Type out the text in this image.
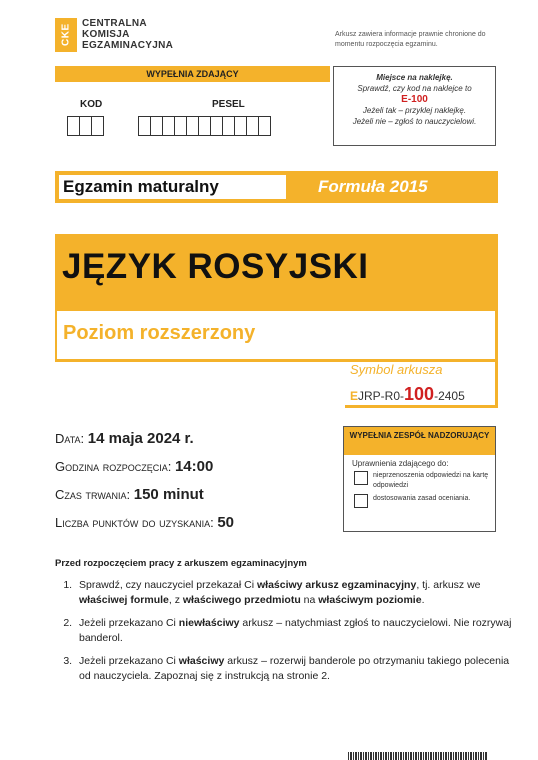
CKE
CENTRALNA
KOMISJA
EGZAMINACYJNA
Arkusz zawiera informacje prawnie chronione do momentu rozpoczęcia egzaminu.
WYPEŁNIA ZDAJĄCY
KOD	PESEL
Miejsce na naklejkę.
Sprawdź, czy kod na naklejce to
E-100
Jeżeli tak – przyklej naklejkę.
Jeżeli nie – zgłoś to nauczycielowi.
Egzamin maturalny	Formuła 2015
JĘZYK ROSYJSKI
Poziom rozszerzony
Symbol arkusza
EJRP-R0-100-2405
Data: 14 maja 2024 r.
Godzina rozpoczęcia: 14:00
Czas trwania: 150 minut
Liczba punktów do uzyskania: 50
WYPEŁNIA ZESPÓŁ NADZORUJĄCY
Uprawnienia zdającego do:
nieprzenoszenia odpowiedzi na kartę odpowiedzi
dostosowania zasad oceniania.
Przed rozpoczęciem pracy z arkuszem egzaminacyjnym
1. Sprawdź, czy nauczyciel przekazał Ci właściwy arkusz egzaminacyjny, tj. arkusz we właściwej formule, z właściwego przedmiotu na właściwym poziomie.
2. Jeżeli przekazano Ci niewłaściwy arkusz – natychmiast zgłoś to nauczycielowi. Nie rozrywaj banderol.
3. Jeżeli przekazano Ci właściwy arkusz – rozerwij banderole po otrzymaniu takiego polecenia od nauczyciela. Zapoznaj się z instrukcją na stronie 2.
